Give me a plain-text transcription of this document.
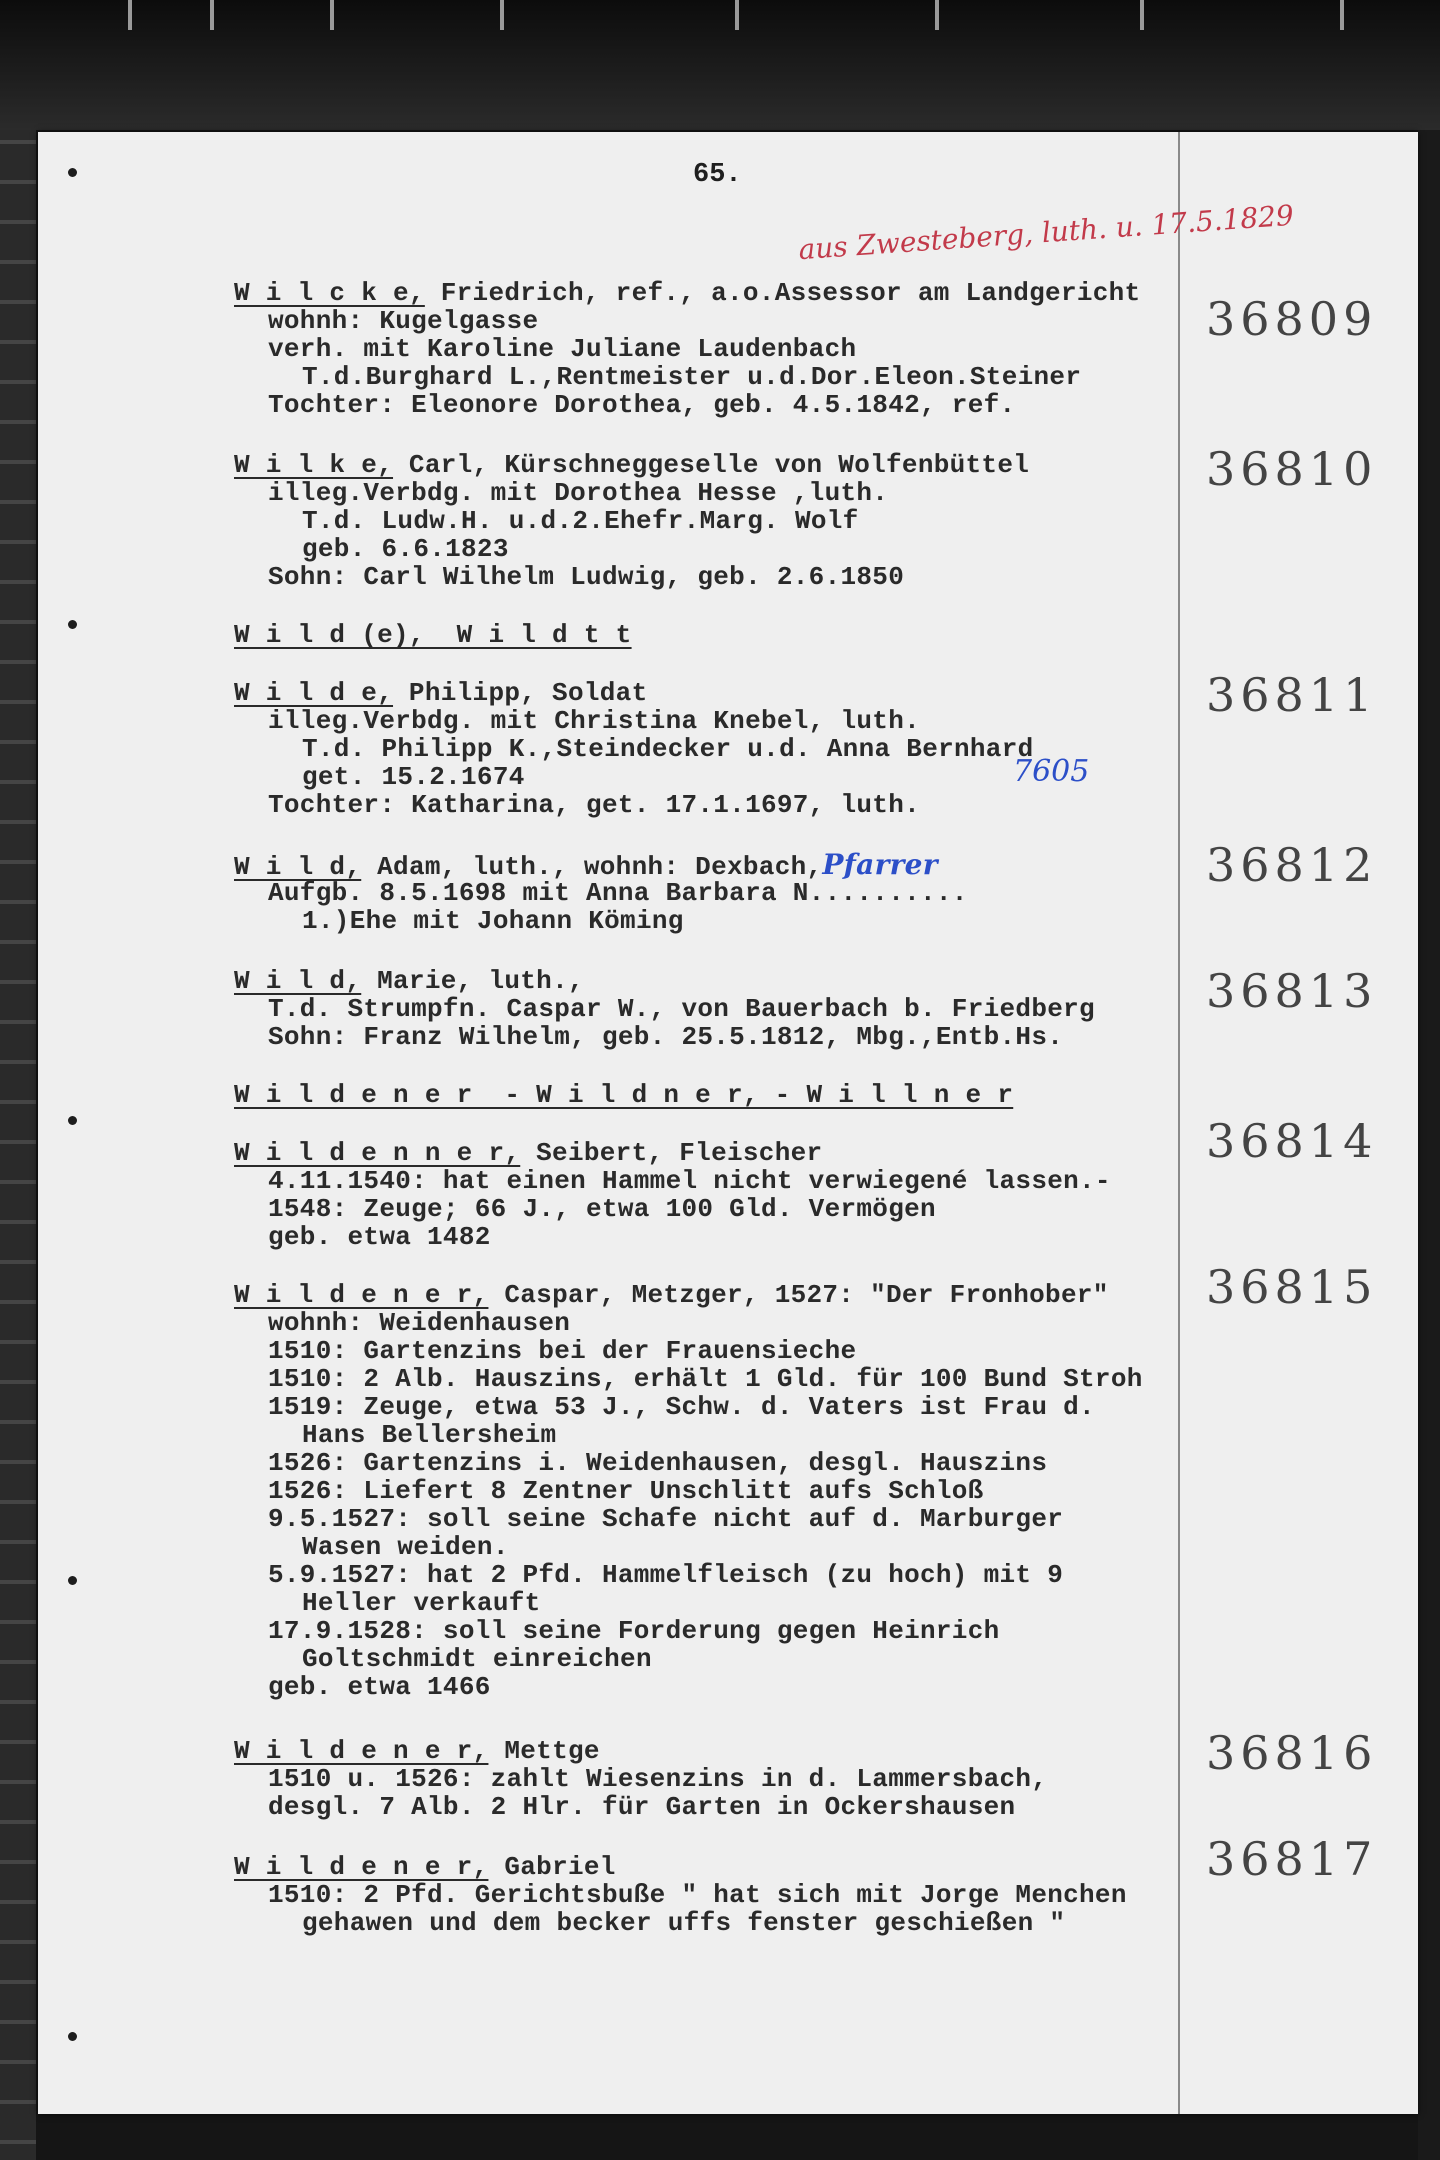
65.
aus Zwesteberg, luth. u. 17.5.1829
W i l c k e, Friedrich, ref., a.o.Assessor am Landgericht
wohnh: Kugelgasse
verh. mit Karoline Juliane Laudenbach
T.d.Burghard L.,Rentmeister u.d.Dor.Eleon.Steiner
Tochter: Eleonore Dorothea, geb. 4.5.1842, ref.
36809
W i l k e, Carl, Kürschneggeselle von Wolfenbüttel
illeg.Verbdg. mit Dorothea Hesse ,luth.
T.d. Ludw.H. u.d.2.Ehefr.Marg. Wolf
geb. 6.6.1823
Sohn: Carl Wilhelm Ludwig, geb. 2.6.1850
36810
W i l d (e),  W i l d t t
W i l d e, Philipp, Soldat
illeg.Verbdg. mit Christina Knebel, luth.
T.d. Philipp K.,Steindecker u.d. Anna Bernhard
get. 15.2.1674
Tochter: Katharina, get. 17.1.1697, luth.
7605
36811
W i l d, Adam, luth., wohnh: Dexbach,Pfarrer
Aufgb. 8.5.1698 mit Anna Barbara N..........
1.)Ehe mit Johann Köming
36812
W i l d, Marie, luth.,
T.d. Strumpfn. Caspar W., von Bauerbach b. Friedberg
Sohn: Franz Wilhelm, geb. 25.5.1812, Mbg.,Entb.Hs.
36813
W i l d e n e r  - W i l d n e r, - W i l l n e r
W i l d e n n e r, Seibert, Fleischer
4.11.1540: hat einen Hammel nicht verwiegené lassen.-
1548: Zeuge; 66 J., etwa 100 Gld. Vermögen
geb. etwa 1482
36814
W i l d e n e r, Caspar, Metzger, 1527: "Der Fronhober"
wohnh: Weidenhausen
1510: Gartenzins bei der Frauensieche
1510: 2 Alb. Hauszins, erhält 1 Gld. für 100 Bund Stroh
1519: Zeuge, etwa 53 J., Schw. d. Vaters ist Frau d.
Hans Bellersheim
1526: Gartenzins i. Weidenhausen, desgl. Hauszins
1526: Liefert 8 Zentner Unschlitt aufs Schloß
9.5.1527: soll seine Schafe nicht auf d. Marburger
Wasen weiden.
5.9.1527: hat 2 Pfd. Hammelfleisch (zu hoch) mit 9
Heller verkauft
17.9.1528: soll seine Forderung gegen Heinrich
Goltschmidt einreichen
geb. etwa 1466
36815
W i l d e n e r, Mettge
1510 u. 1526: zahlt Wiesenzins in d. Lammersbach,
desgl. 7 Alb. 2 Hlr. für Garten in Ockershausen
36816
W i l d e n e r, Gabriel
1510: 2 Pfd. Gerichtsbuße " hat sich mit Jorge Menchen
gehawen und dem becker uffs fenster geschießen "
36817
